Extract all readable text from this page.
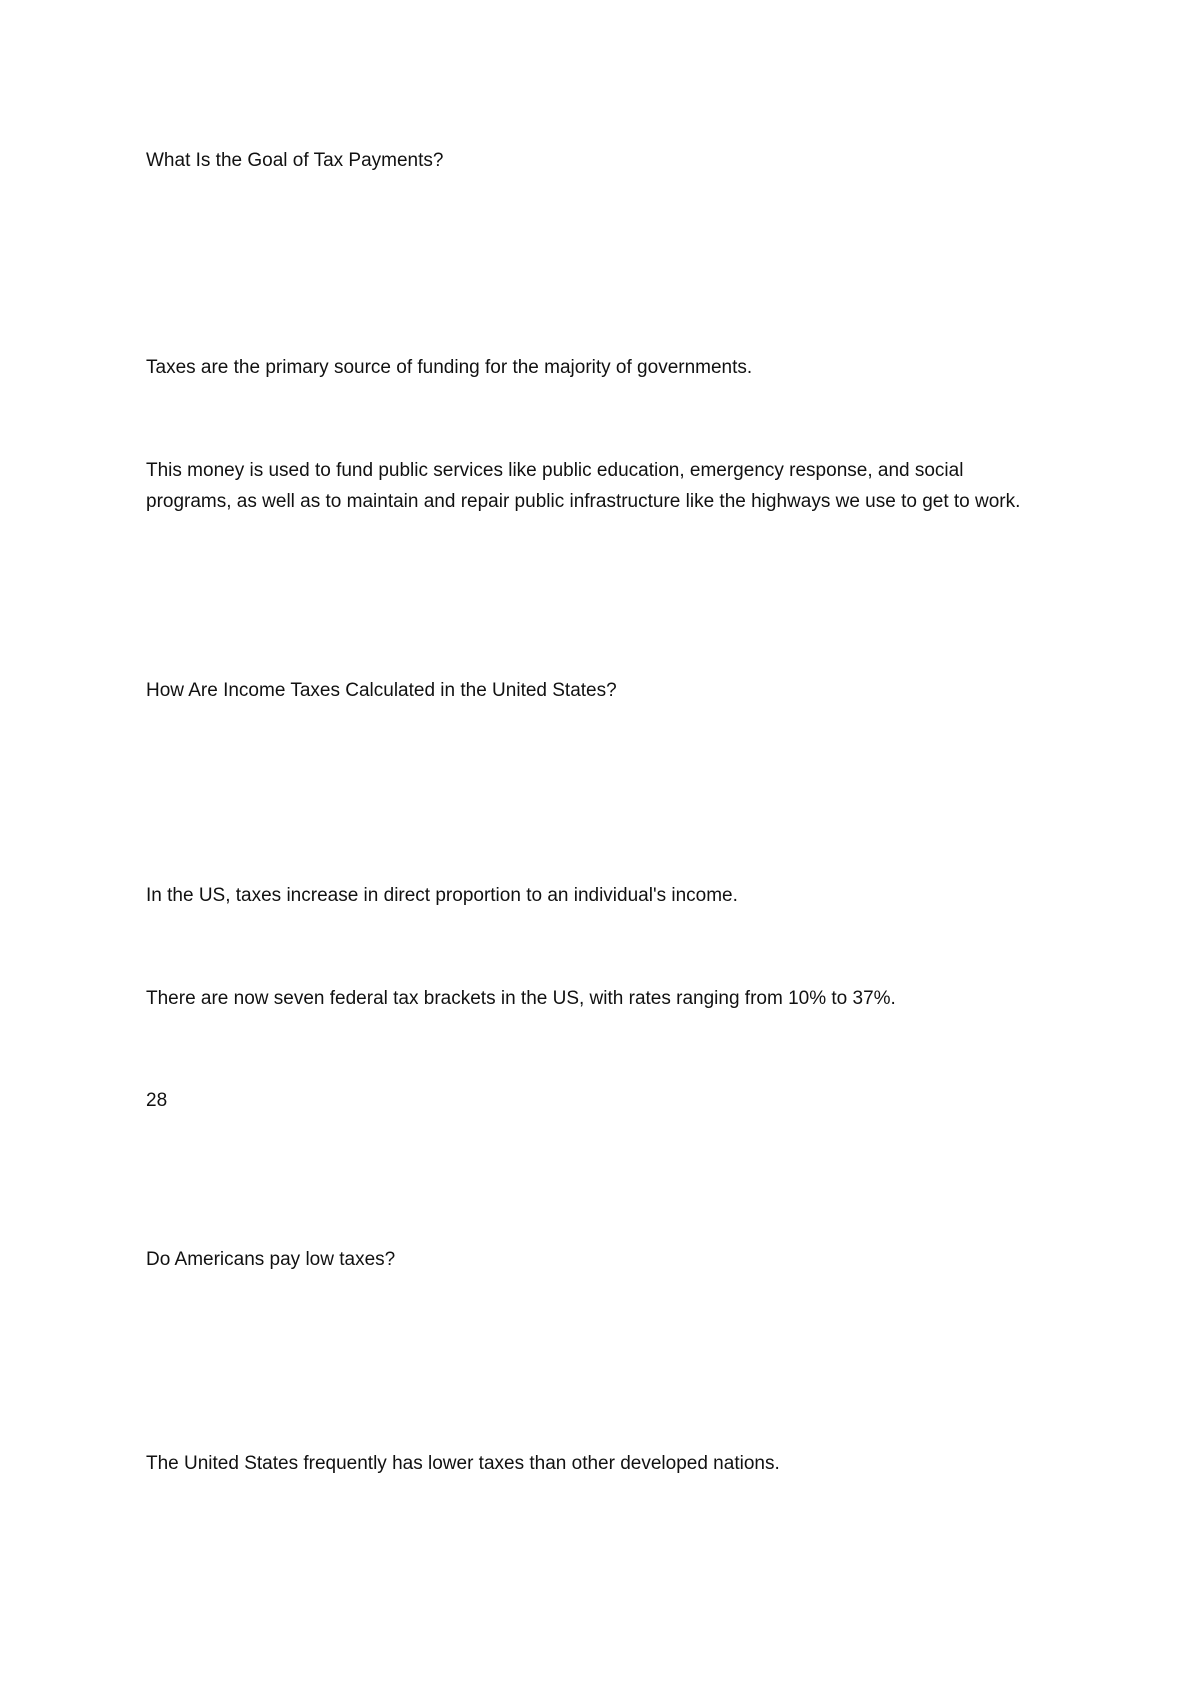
What Is the Goal of Tax Payments?

Taxes are the primary source of funding for the majority of governments.

This money is used to fund public services like public education, emergency response, and social programs, as well as to maintain and repair public infrastructure like the highways we use to get to work.

How Are Income Taxes Calculated in the United States?

In the US, taxes increase in direct proportion to an individual's income.

There are now seven federal tax brackets in the US, with rates ranging from 10% to 37%.

28

Do Americans pay low taxes?

The United States frequently has lower taxes than other developed nations.
